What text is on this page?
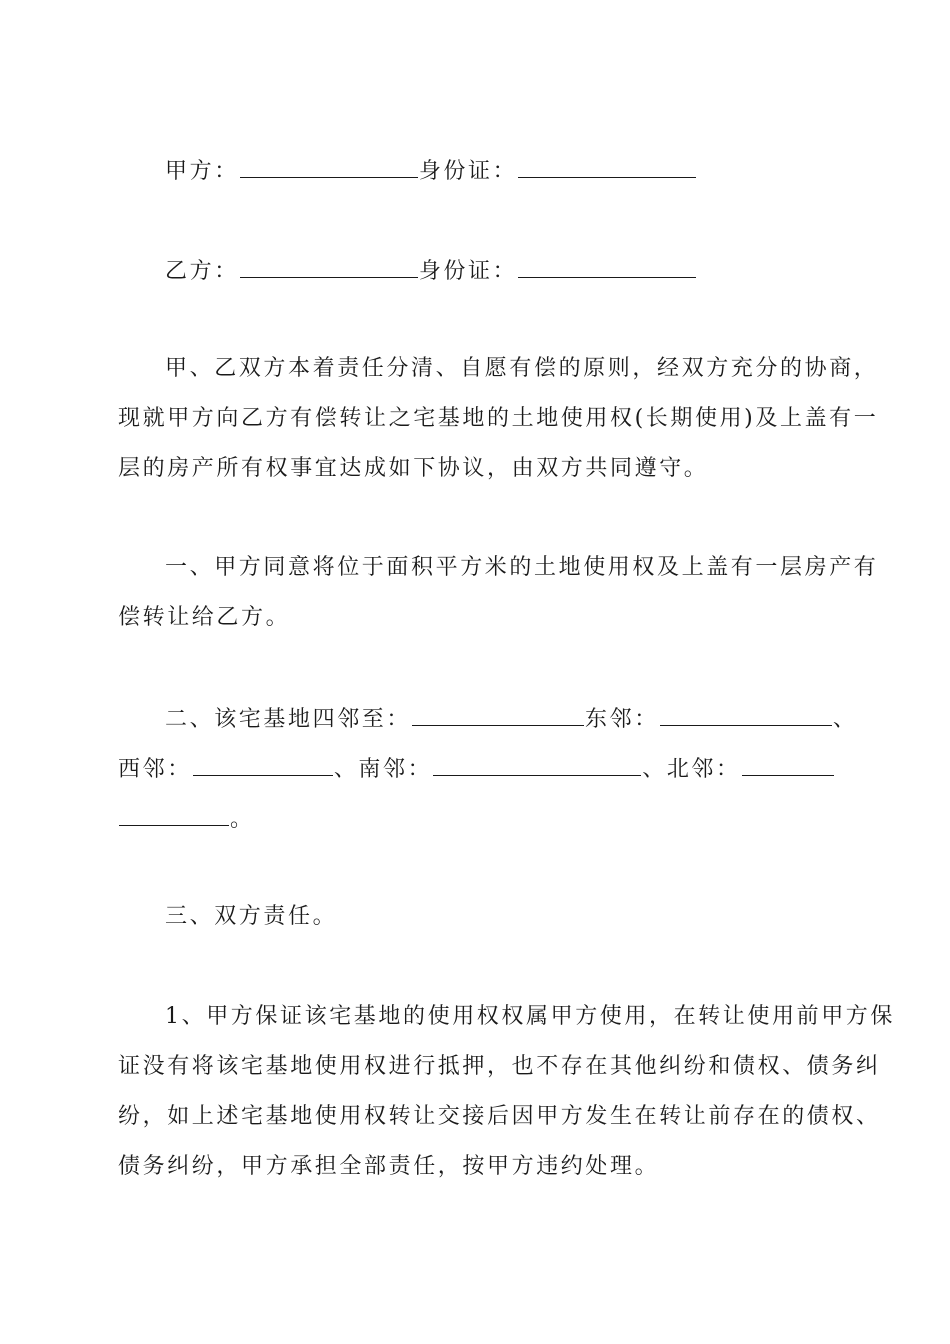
甲方：	身份证：
乙方：	身份证：
甲、乙双方本着责任分清、自愿有偿的原则，经双方充分的协商，
现就甲方向乙方有偿转让之宅基地的土地使用权(长期使用)及上盖有一
层的房产所有权事宜达成如下协议，由双方共同遵守。
一、甲方同意将位于面积平方米的土地使用权及上盖有一层房产有
偿转让给乙方。
二、该宅基地四邻至：	东邻：	、
西邻：	、南邻：	、北邻：
。
三、双方责任。
1、甲方保证该宅基地的使用权权属甲方使用，在转让使用前甲方保
证没有将该宅基地使用权进行抵押，也不存在其他纠纷和债权、债务纠
纷，如上述宅基地使用权转让交接后因甲方发生在转让前存在的债权、
债务纠纷，甲方承担全部责任，按甲方违约处理。
